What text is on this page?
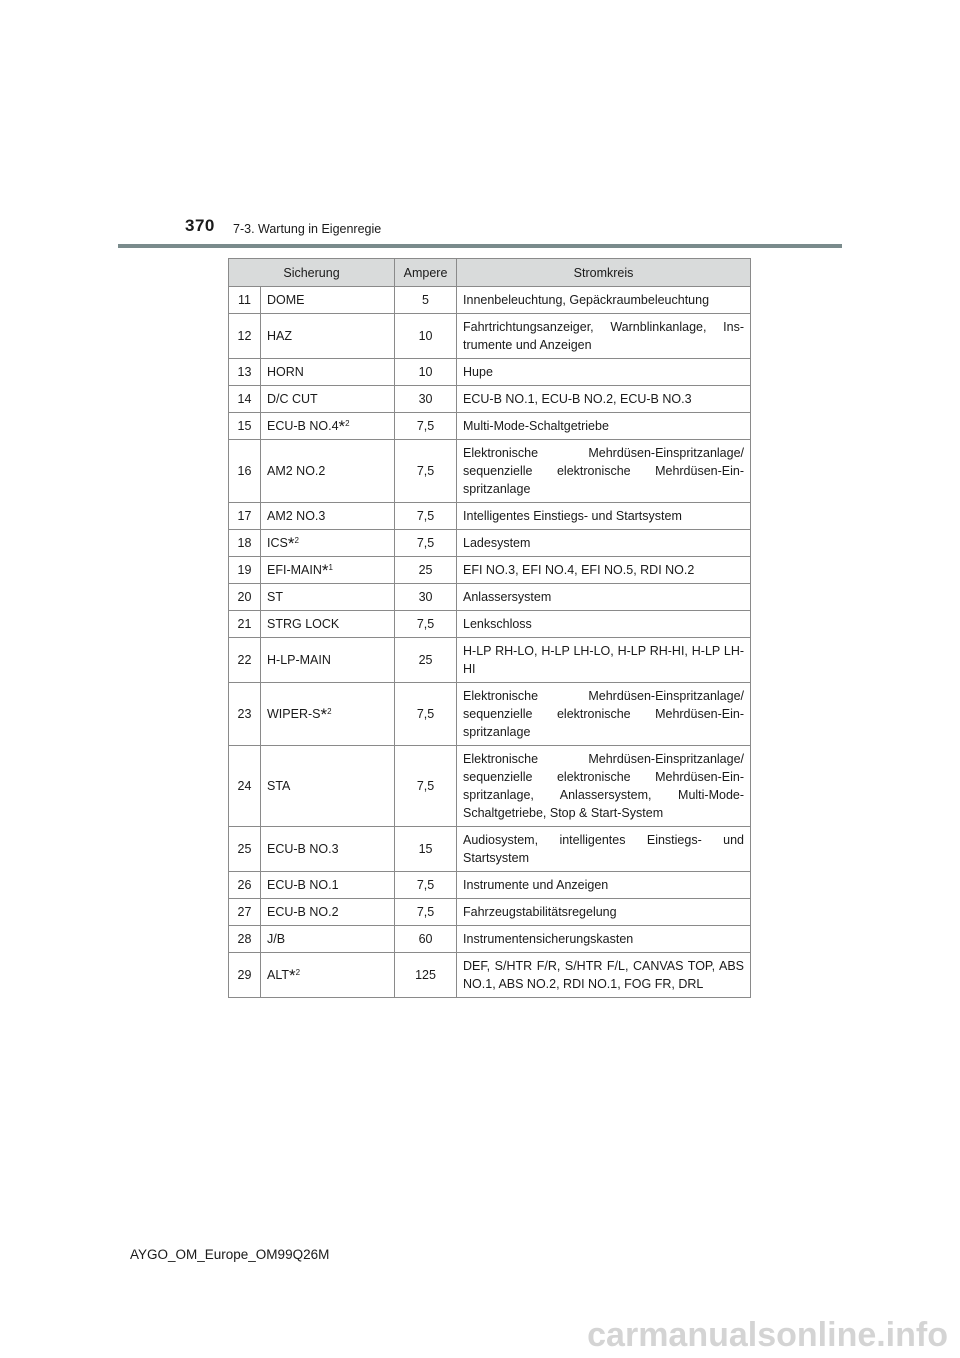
370 7-3. Wartung in Eigenregie
Sicherung		Ampere	Stromkreis
11	DOME	5	Innenbeleuchtung, Gepäckraumbeleuchtung
12	HAZ	10	Fahrtrichtungsanzeiger, Warnblinkanlage, Ins-trumente und Anzeigen
13	HORN	10	Hupe
14	D/C CUT	30	ECU-B NO.1, ECU-B NO.2, ECU-B NO.3
15	ECU-B NO.4*$^2$	7,5	Multi-Mode-Schaltgetriebe
16	AM2 NO.2	7,5	Elektronische Mehrdüsen-Einspritzanlage/ sequenzielle elektronische Mehrdüsen-Ein-spritzanlage
17	AM2 NO.3	7,5	Intelligentes Einstiegs- und Startsystem
18	ICS*$^2$	7,5	Ladesystem
19	EFI-MAIN*$^1$	25	EFI NO.3, EFI NO.4, EFI NO.5, RDI NO.2
20	ST	30	Anlassersystem
21	STRG LOCK	7,5	Lenkschloss
22	H-LP-MAIN	25	H-LP RH-LO, H-LP LH-LO, H-LP RH-HI, H-LP LH-HI
23	WIPER-S*$^2$	7,5	Elektronische Mehrdüsen-Einspritzanlage/ sequenzielle elektronische Mehrdüsen-Ein-spritzanlage
24	STA	7,5	Elektronische Mehrdüsen-Einspritzanlage/ sequenzielle elektronische Mehrdüsen-Ein-spritzanlage, Anlassersystem, Multi-Mode-Schaltgetriebe, Stop & Start-System
25	ECU-B NO.3	15	Audiosystem, intelligentes Einstiegs- und Startsystem
26	ECU-B NO.1	7,5	Instrumente und Anzeigen
27	ECU-B NO.2	7,5	Fahrzeugstabilitätsregelung
28	J/B	60	Instrumentensicherungskasten
29	ALT*$^2$	125	DEF, S/HTR F/R, S/HTR F/L, CANVAS TOP, ABS NO.1, ABS NO.2, RDI NO.1, FOG FR, DRL
AYGO_OM_Europe_OM99Q26M
carmanualsonline.info
